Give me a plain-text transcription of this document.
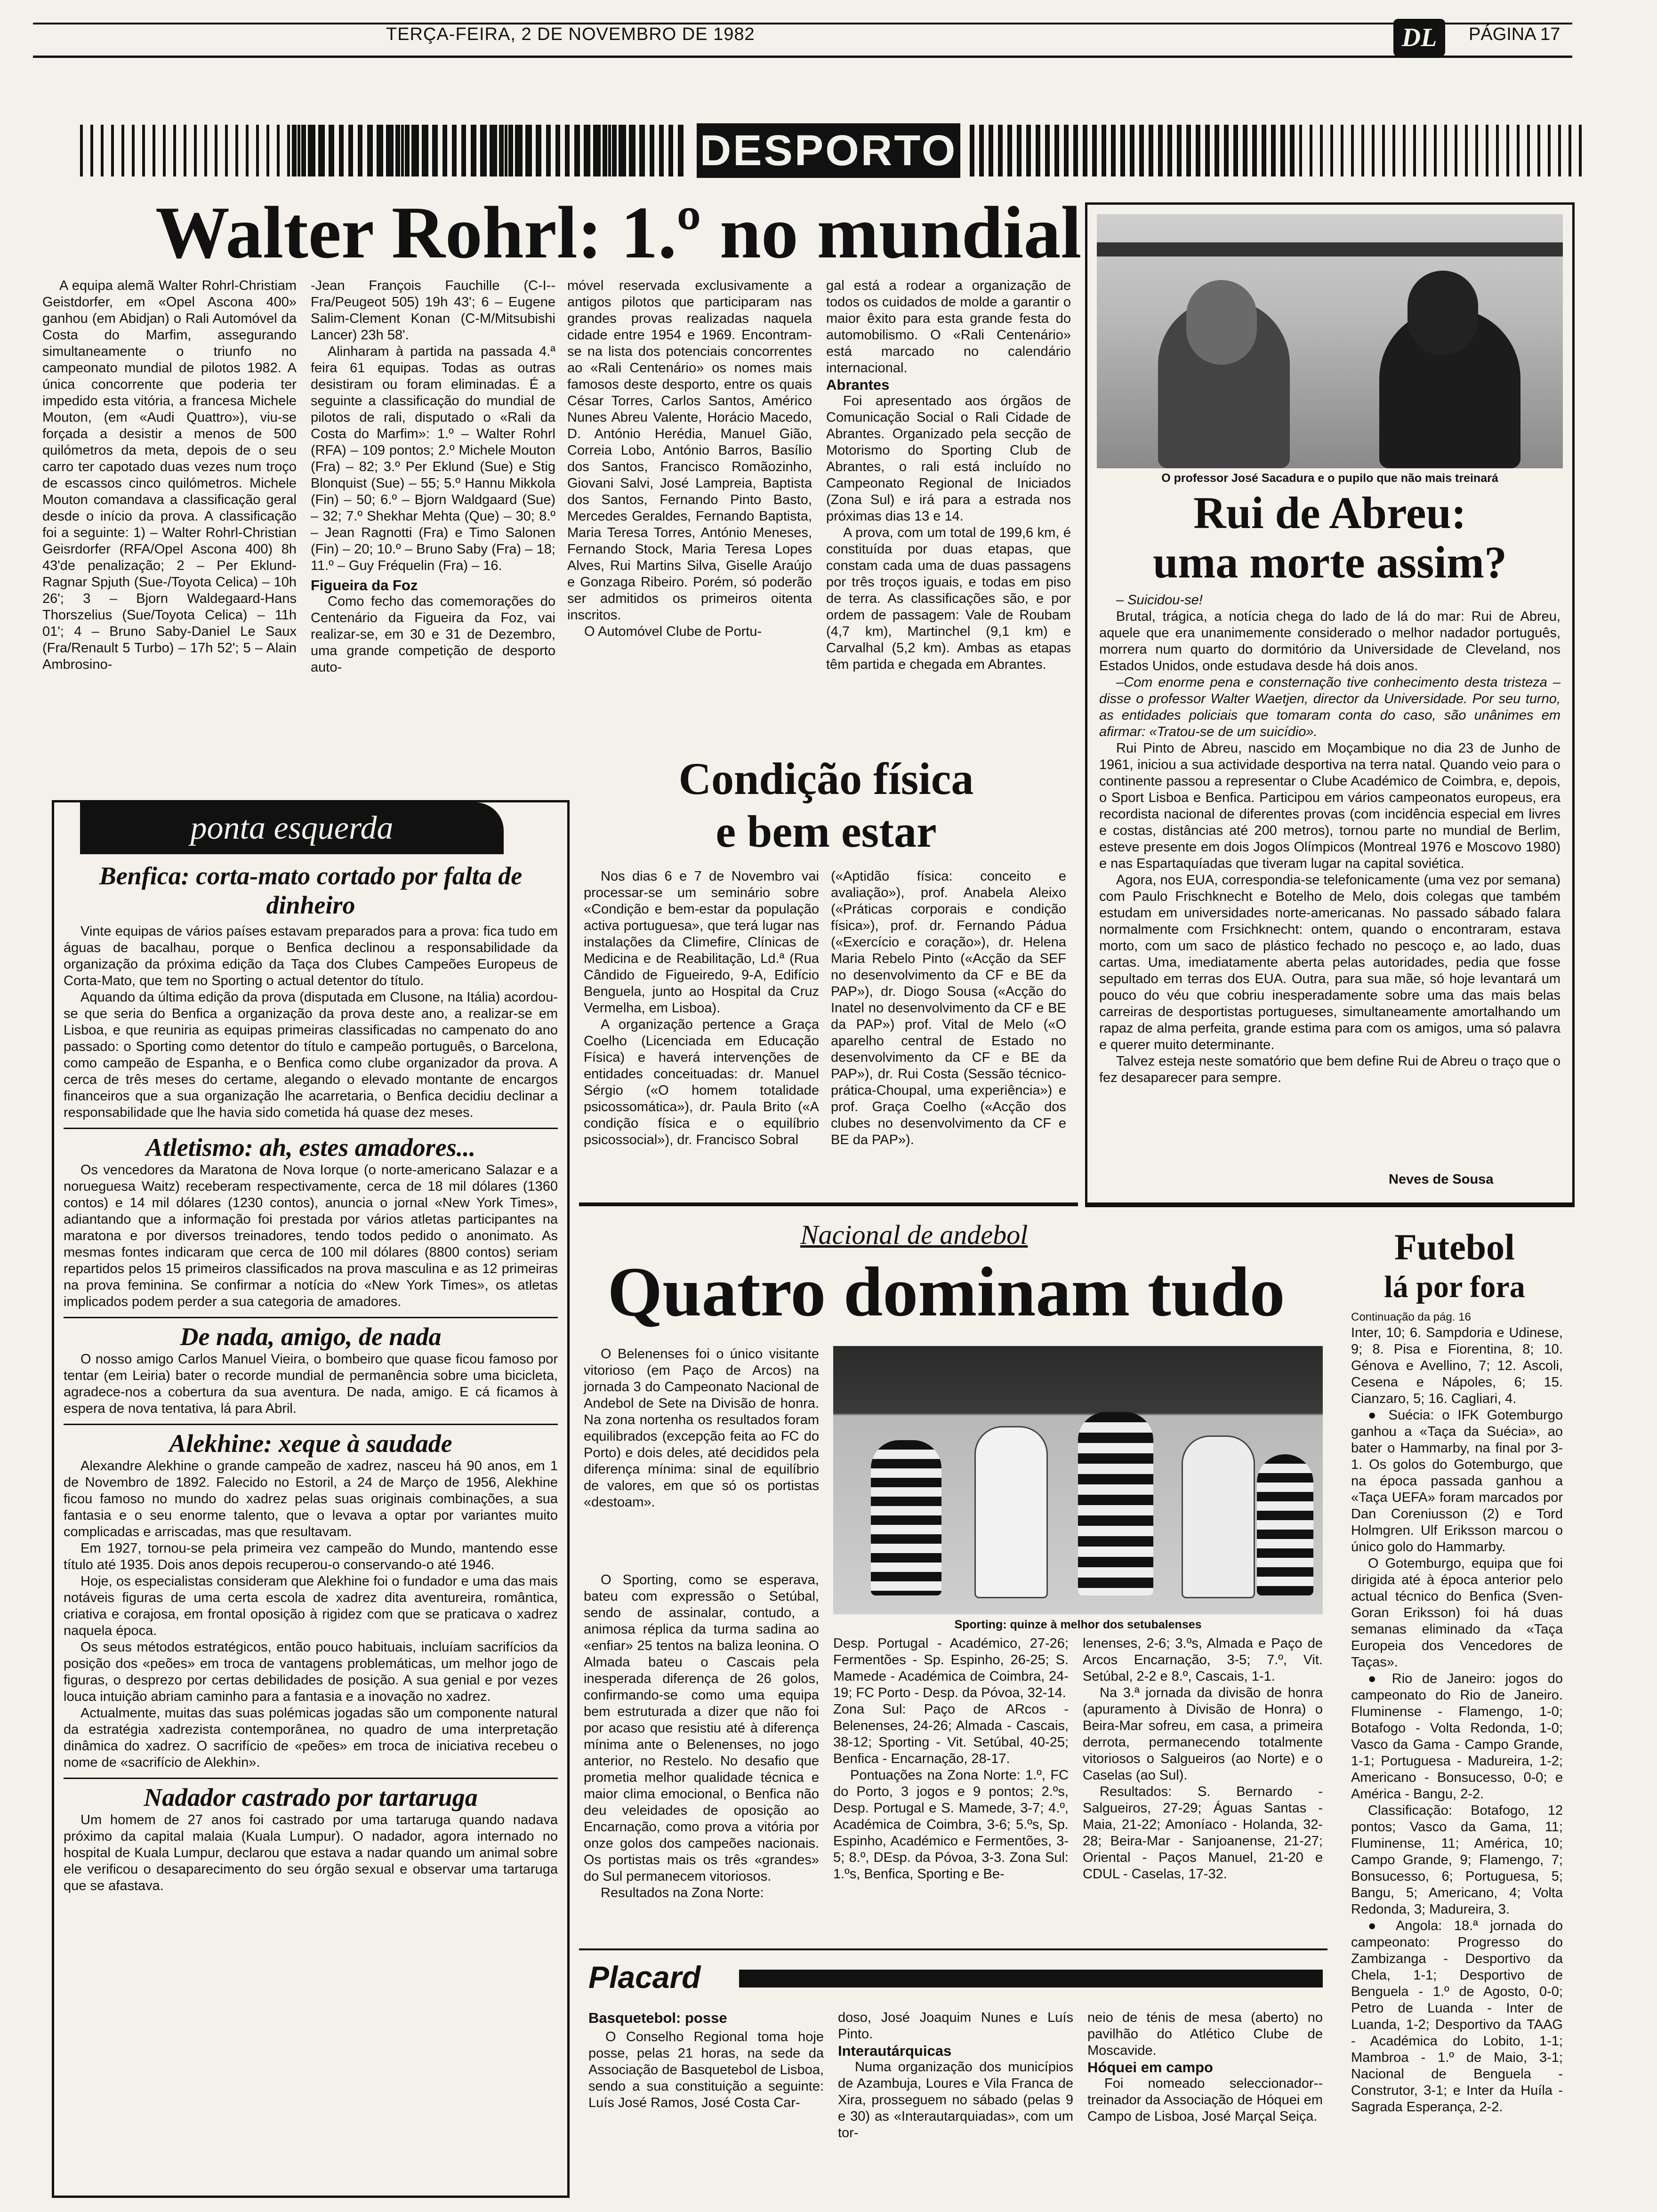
TERÇA-FEIRA, 2 DE NOVEMBRO DE 1982	DL	PÁGINA 17
DESPORTO
Walter Rohrl: 1.º no mundial

A equipa alemã Walter Rohrl-Christiam Geistdorfer, em «Opel Ascona 400» ganhou (em Abidjan) o Rali Automóvel da Costa do Marfim, assegurando simultaneamente o triunfo no campeonato mundial de pilotos 1982. A única concorrente que poderia ter impedido esta vitória, a francesa Michele Mouton, (em «Audi Quattro»), viu-se forçada a desistir a menos de 500 quilómetros da meta, depois de o seu carro ter capotado duas vezes num troço de escassos cinco quilómetros. Michele Mouton comandava a classificação geral desde o início da prova. A classificação foi a seguinte: 1) – Walter Rohrl-Christian Geisrdorfer (RFA/Opel Ascona 400) 8h 43'de penalização; 2 – Per Eklund-Ragnar Spjuth (Sue-/Toyota Celica) – 10h 26'; 3 – Bjorn Waldegaard-Hans Thorszelius (Sue/Toyota Celica) – 11h 01'; 4 – Bruno Saby-Daniel Le Saux (Fra/Renault 5 Turbo) – 17h 52'; 5 – Alain Ambrosino-

-Jean François Fauchille (C-I--Fra/Peugeot 505) 19h 43'; 6 – Eugene Salim-Clement Konan (C-M/Mitsubishi Lancer) 23h 58'.

Alinharam à partida na passada 4.ª feira 61 equipas. Todas as outras desistiram ou foram eliminadas. É a seguinte a classificação do mundial de pilotos de rali, disputado o «Rali da Costa do Marfim»: 1.º – Walter Rohrl (RFA) – 109 pontos; 2.º Michele Mouton (Fra) – 82; 3.º Per Eklund (Sue) e Stig Blonquist (Sue) – 55; 5.º Hannu Mikkola (Fin) – 50; 6.º – Bjorn Waldgaard (Sue) – 32; 7.º Shekhar Mehta (Que) – 30; 8.º – Jean Ragnotti (Fra) e Timo Salonen (Fin) – 20; 10.º – Bruno Saby (Fra) – 18; 11.º – Guy Fréquelin (Fra) – 16.

Figueira da Foz

Como fecho das comemorações do Centenário da Figueira da Foz, vai realizar-se, em 30 e 31 de Dezembro, uma grande competição de desporto auto-

móvel reservada exclusivamente a antigos pilotos que participaram nas grandes provas realizadas naquela cidade entre 1954 e 1969. Encontram-se na lista dos potenciais concorrentes ao «Rali Centenário» os nomes mais famosos deste desporto, entre os quais César Torres, Carlos Santos, Américo Nunes Abreu Valente, Horácio Macedo, D. António Herédia, Manuel Gião, Correia Lobo, António Barros, Basílio dos Santos, Francisco Romãozinho, Giovani Salvi, José Lampreia, Baptista dos Santos, Fernando Pinto Basto, Mercedes Geraldes, Fernando Baptista, Maria Teresa Torres, António Meneses, Fernando Stock, Maria Teresa Lopes Alves, Rui Martins Silva, Giselle Araújo e Gonzaga Ribeiro. Porém, só poderão ser admitidos os primeiros oitenta inscritos.

O Automóvel Clube de Portu-

gal está a rodear a organização de todos os cuidados de molde a garantir o maior êxito para esta grande festa do automobilismo. O «Rali Centenário» está marcado no calendário internacional.

Abrantes

Foi apresentado aos órgãos de Comunicação Social o Rali Cidade de Abrantes. Organizado pela secção de Motorismo do Sporting Club de Abrantes, o rali está incluído no Campeonato Regional de Iniciados (Zona Sul) e irá para a estrada nos próximas dias 13 e 14.

A prova, com um total de 199,6 km, é constituída por duas etapas, que constam cada uma de duas passagens por três troços iguais, e todas em piso de terra. As classificações são, e por ordem de passagem: Vale de Roubam (4,7 km), Martinchel (9,1 km) e Carvalhal (5,2 km). Ambas as etapas têm partida e chegada em Abrantes.

O professor José Sacadura e o pupilo que não mais treinará
Rui de Abreu:
uma morte assim?

– Suicidou-se!

Brutal, trágica, a notícia chega do lado de lá do mar: Rui de Abreu, aquele que era unanimemente considerado o melhor nadador português, morrera num quarto do dormitório da Universidade de Cleveland, nos Estados Unidos, onde estudava desde há dois anos.

–Com enorme pena e consternação tive conhecimento desta tristeza – disse o professor Walter Waetjen, director da Universidade. Por seu turno, as entidades policiais que tomaram conta do caso, são unânimes em afirmar: «Tratou-se de um suicídio».

Rui Pinto de Abreu, nascido em Moçambique no dia 23 de Junho de 1961, iniciou a sua actividade desportiva na terra natal. Quando veio para o continente passou a representar o Clube Académico de Coimbra, e, depois, o Sport Lisboa e Benfica. Participou em vários campeonatos europeus, era recordista nacional de diferentes provas (com incidência especial em livres e costas, distâncias até 200 metros), tornou parte no mundial de Berlim, esteve presente em dois Jogos Olímpicos (Montreal 1976 e Moscovo 1980) e nas Espartaquíadas que tiveram lugar na capital soviética.

Agora, nos EUA, correspondia-se telefonicamente (uma vez por semana) com Paulo Frischknecht e Botelho de Melo, dois colegas que também estudam em universidades norte-americanas. No passado sábado falara normalmente com Frsichknecht: ontem, quando o encontraram, estava morto, com um saco de plástico fechado no pescoço e, ao lado, duas cartas. Uma, imediatamente aberta pelas autoridades, pedia que fosse sepultado em terras dos EUA. Outra, para sua mãe, só hoje levantará um pouco do véu que cobriu inesperadamente sobre uma das mais belas carreiras de desportistas portugueses, simultaneamente amortalhando um rapaz de alma perfeita, grande estima para com os amigos, uma só palavra e querer muito determinante.

Talvez esteja neste somatório que bem define Rui de Abreu o traço que o fez desaparecer para sempre.

Neves de Sousa
ponta esquerda
Benfica: corta-mato cortado por falta de dinheiro

Vinte equipas de vários países estavam preparados para a prova: fica tudo em águas de bacalhau, porque o Benfica declinou a responsabilidade da organização da próxima edição da Taça dos Clubes Campeões Europeus de Corta-Mato, que tem no Sporting o actual detentor do título.

Aquando da última edição da prova (disputada em Clusone, na Itália) acordou-se que seria do Benfica a organização da prova deste ano, a realizar-se em Lisboa, e que reuniria as equipas primeiras classificadas no campenato do ano passado: o Sporting como detentor do título e campeão português, o Barcelona, como campeão de Espanha, e o Benfica como clube organizador da prova. A cerca de três meses do certame, alegando o elevado montante de encargos financeiros que a sua organização lhe acarretaria, o Benfica decidiu declinar a responsabilidade que lhe havia sido cometida há quase dez meses.

Atletismo: ah, estes amadores...

Os vencedores da Maratona de Nova Iorque (o norte-americano Salazar e a norueguesa Waitz) receberam respectivamente, cerca de 18 mil dólares (1360 contos) e 14 mil dólares (1230 contos), anuncia o jornal «New York Times», adiantando que a informação foi prestada por vários atletas participantes na maratona e por diversos treinadores, tendo todos pedido o anonimato. As mesmas fontes indicaram que cerca de 100 mil dólares (8800 contos) seriam repartidos pelos 15 primeiros classificados na prova masculina e as 12 primeiras na prova feminina. Se confirmar a notícia do «New York Times», os atletas implicados podem perder a sua categoria de amadores.

De nada, amigo, de nada

O nosso amigo Carlos Manuel Vieira, o bombeiro que quase ficou famoso por tentar (em Leiria) bater o recorde mundial de permanência sobre uma bicicleta, agradece-nos a cobertura da sua aventura. De nada, amigo. E cá ficamos à espera de nova tentativa, lá para Abril.

Alekhine: xeque à saudade

Alexandre Alekhine o grande campeão de xadrez, nasceu há 90 anos, em 1 de Novembro de 1892. Falecido no Estoril, a 24 de Março de 1956, Alekhine ficou famoso no mundo do xadrez pelas suas originais combinações, a sua fantasia e o seu enorme talento, que o levava a optar por variantes muito complicadas e arriscadas, mas que resultavam.

Em 1927, tornou-se pela primeira vez campeão do Mundo, mantendo esse título até 1935. Dois anos depois recuperou-o conservando-o até 1946.

Hoje, os especialistas consideram que Alekhine foi o fundador e uma das mais notáveis figuras de uma certa escola de xadrez dita aventureira, romântica, criativa e corajosa, em frontal oposição à rigidez com que se praticava o xadrez naquela época.

Os seus métodos estratégicos, então pouco habituais, incluíam sacrifícios da posição dos «peões» em troca de vantagens problemáticas, um melhor jogo de figuras, o desprezo por certas debilidades de posição. A sua genial e por vezes louca intuição abriam caminho para a fantasia e a inovação no xadrez.

Actualmente, muitas das suas polémicas jogadas são um componente natural da estratégia xadrezista contemporânea, no quadro de uma interpretação dinâmica do xadrez. O sacrifício de «peões» em troca de iniciativa recebeu o nome de «sacrifício de Alekhin».

Nadador castrado por tartaruga

Um homem de 27 anos foi castrado por uma tartaruga quando nadava próximo da capital malaia (Kuala Lumpur). O nadador, agora internado no hospital de Kuala Lumpur, declarou que estava a nadar quando um animal sobre ele verificou o desaparecimento do seu órgão sexual e observar uma tartaruga que se afastava.

Condição física
e bem estar

Nos dias 6 e 7 de Novembro vai processar-se um seminário sobre «Condição e bem-estar da população activa portuguesa», que terá lugar nas instalações da Climefire, Clínicas de Medicina e de Reabilitação, Ld.ª (Rua Cândido de Figueiredo, 9-A, Edifício Benguela, junto ao Hospital da Cruz Vermelha, em Lisboa).

A organização pertence a Graça Coelho (Licenciada em Educação Física) e haverá intervenções de entidades conceituadas: dr. Manuel Sérgio («O homem totalidade psicossomática»), dr. Paula Brito («A condição física e o equilíbrio psicossocial»), dr. Francisco Sobral

(«Aptidão física: conceito e avaliação»), prof. Anabela Aleixo («Práticas corporais e condição física»), prof. dr. Fernando Pádua («Exercício e coração»), dr. Helena Maria Rebelo Pinto («Acção da SEF no desenvolvimento da CF e BE da PAP»), dr. Diogo Sousa («Acção do Inatel no desenvolvimento da CF e BE da PAP») prof. Vital de Melo («O aparelho central de Estado no desenvolvimento da CF e BE da PAP»), dr. Rui Costa (Sessão técnico-prática-Choupal, uma experiência») e prof. Graça Coelho («Acção dos clubes no desenvolvimento da CF e BE da PAP»).

Nacional de andebol
Quatro dominam tudo

O Belenenses foi o único visitante vitorioso (em Paço de Arcos) na jornada 3 do Campeonato Nacional de Andebol de Sete na Divisão de honra. Na zona nortenha os resultados foram equilibrados (excepção feita ao FC do Porto) e dois deles, até decididos pela diferença mínima: sinal de equilíbrio de valores, em que só os portistas «destoam».

Sporting: quinze à melhor dos setubalenses

O Sporting, como se esperava, bateu com expressão o Setúbal, sendo de assinalar, contudo, a animosa réplica da turma sadina ao «enfiar» 25 tentos na baliza leonina. O Almada bateu o Cascais pela inesperada diferença de 26 golos, confirmando-se como uma equipa bem estruturada a dizer que não foi por acaso que resistiu até à diferença mínima ante o Belenenses, no jogo anterior, no Restelo. No desafio que prometia melhor qualidade técnica e maior clima emocional, o Benfica não deu veleidades de oposição ao Encarnação, como prova a vitória por onze golos dos campeões nacionais. Os portistas mais os três «grandes» do Sul permanecem vitoriosos.

Resultados na Zona Norte:

Desp. Portugal - Académico, 27-26; Fermentões - Sp. Espinho, 26-25; S. Mamede - Académica de Coimbra, 24-19; FC Porto - Desp. da Póvoa, 32-14.

Zona Sul: Paço de ARcos - Belenenses, 24-26; Almada - Cascais, 38-12; Sporting - Vit. Setúbal, 40-25; Benfica - Encarnação, 28-17.

Pontuações na Zona Norte: 1.º, FC do Porto, 3 jogos e 9 pontos; 2.ºs, Desp. Portugal e S. Mamede, 3-7; 4.º, Académica de Coimbra, 3-6; 5.ºs, Sp. Espinho, Académico e Fermentões, 3-5; 8.º, DEsp. da Póvoa, 3-3. Zona Sul: 1.ºs, Benfica, Sporting e Be-

lenenses, 2-6; 3.ºs, Almada e Paço de Arcos Encarnação, 3-5; 7.º, Vit. Setúbal, 2-2 e 8.º, Cascais, 1-1.

Na 3.ª jornada da divisão de honra (apuramento à Divisão de Honra) o Beira-Mar sofreu, em casa, a primeira derrota, permanecendo totalmente vitoriosos o Salgueiros (ao Norte) e o Caselas (ao Sul).

Resultados: S. Bernardo - Salgueiros, 27-29; Águas Santas - Maia, 21-22; Amoníaco - Holanda, 32-28; Beira-Mar - Sanjoanense, 21-27; Oriental - Paços Manuel, 21-20 e CDUL - Caselas, 17-32.

Futebol
lá por fora
Continuação da pág. 16

Inter, 10; 6. Sampdoria e Udinese, 9; 8. Pisa e Fiorentina, 8; 10. Génova e Avellino, 7; 12. Ascoli, Cesena e Nápoles, 6; 15. Cianzaro, 5; 16. Cagliari, 4.

● Suécia: o IFK Gotemburgo ganhou a «Taça da Suécia», ao bater o Hammarby, na final por 3-1. Os golos do Gotemburgo, que na época passada ganhou a «Taça UEFA» foram marcados por Dan Coreniusson (2) e Tord Holmgren. Ulf Eriksson marcou o único golo do Hammarby.

O Gotemburgo, equipa que foi dirigida até à época anterior pelo actual técnico do Benfica (Sven-Goran Eriksson) foi há duas semanas eliminado da «Taça Europeia dos Vencedores de Taças».

● Rio de Janeiro: jogos do campeonato do Rio de Janeiro. Fluminense - Flamengo, 1-0; Botafogo - Volta Redonda, 1-0; Vasco da Gama - Campo Grande, 1-1; Portuguesa - Madureira, 1-2; Americano - Bonsucesso, 0-0; e América - Bangu, 2-2.

Classificação: Botafogo, 12 pontos; Vasco da Gama, 11; Fluminense, 11; América, 10; Campo Grande, 9; Flamengo, 7; Bonsucesso, 6; Portuguesa, 5; Bangu, 5; Americano, 4; Volta Redonda, 3; Madureira, 3.

● Angola: 18.ª jornada do campeonato: Progresso do Zambizanga - Desportivo da Chela, 1-1; Desportivo de Benguela - 1.º de Agosto, 0-0; Petro de Luanda - Inter de Luanda, 1-2; Desportivo da TAAG - Académica do Lobito, 1-1; Mambroa - 1.º de Maio, 3-1; Nacional de Benguela - Construtor, 3-1; e Inter da Huíla - Sagrada Esperança, 2-2.

Placard
Basquetebol: posse

O Conselho Regional toma hoje posse, pelas 21 horas, na sede da Associação de Basquetebol de Lisboa, sendo a sua constituição a seguinte: Luís José Ramos, José Costa Car-

doso, José Joaquim Nunes e Luís Pinto.

Interautárquicas

Numa organização dos municípios de Azambuja, Loures e Vila Franca de Xira, prosseguem no sábado (pelas 9 e 30) as «Interautarquiadas», com um tor-

neio de ténis de mesa (aberto) no pavilhão do Atlético Clube de Moscavide.

Hóquei em campo

Foi nomeado seleccionador--treinador da Associação de Hóquei em Campo de Lisboa, José Marçal Seiça.
